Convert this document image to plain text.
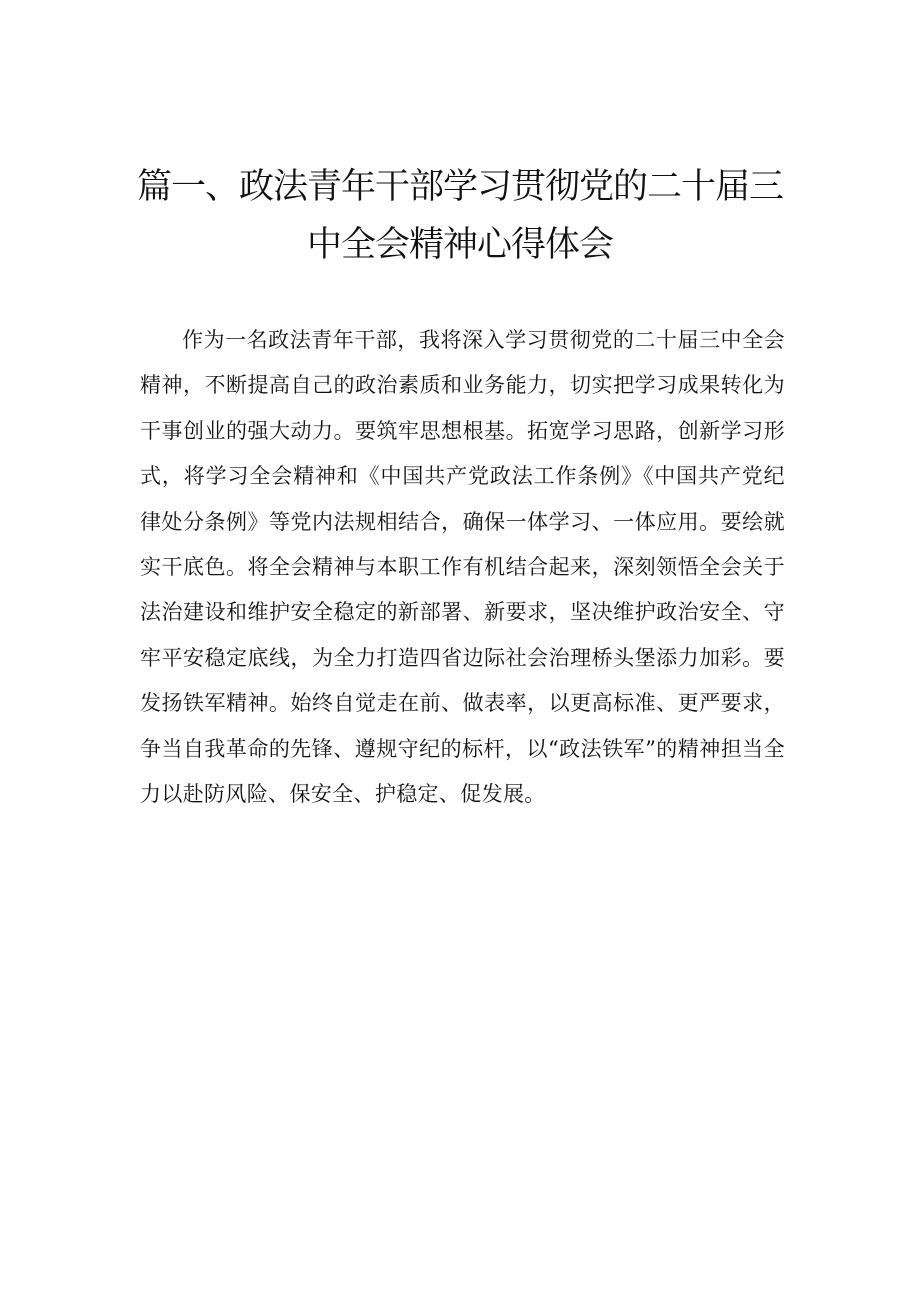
篇一、政法青年干部学习贯彻党的二十届三
中全会精神心得体会

作为一名政法青年干部，我将深入学习贯彻党的二十届三中全会精神，不断提高自己的政治素质和业务能力，切实把学习成果转化为干事创业的强大动力。要筑牢思想根基。拓宽学习思路，创新学习形式，将学习全会精神和《中国共产党政法工作条例》《中国共产党纪律处分条例》等党内法规相结合，确保一体学习、一体应用。要绘就实干底色。将全会精神与本职工作有机结合起来，深刻领悟全会关于法治建设和维护安全稳定的新部署、新要求，坚决维护政治安全、守牢平安稳定底线，为全力打造四省边际社会治理桥头堡添力加彩。要发扬铁军精神。始终自觉走在前、做表率，以更高标准、更严要求，争当自我革命的先锋、遵规守纪的标杆，以“政法铁军”的精神担当全力以赴防风险、保安全、护稳定、促发展。
